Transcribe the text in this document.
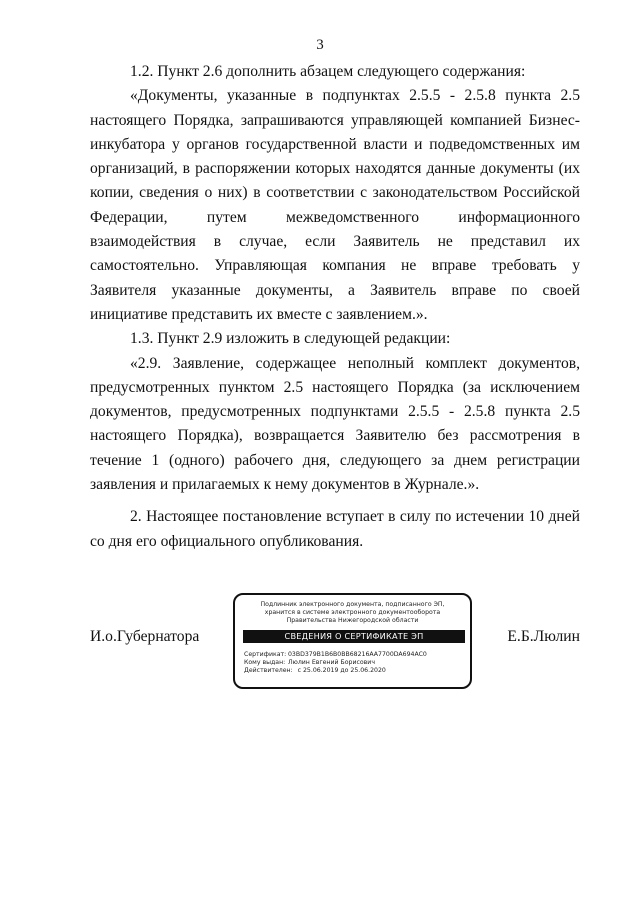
3

1.2. Пункт 2.6 дополнить абзацем следующего содержания:

«Документы, указанные в подпунктах 2.5.5 - 2.5.8 пункта 2.5 настоящего Порядка, запрашиваются управляющей компанией Бизнес-инкубатора у органов государственной власти и подведомственных им организаций, в распоряжении которых находятся данные документы (их копии, сведения о них) в соответствии с законодательством Российской Федерации, путем межведомственного информационного взаимодействия в случае, если Заявитель не представил их самостоятельно. Управляющая компания не вправе требовать у Заявителя указанные документы, а Заявитель вправе по своей инициативе представить их вместе с заявлением.».

1.3. Пункт 2.9 изложить в следующей редакции:

«2.9. Заявление, содержащее неполный комплект документов, предусмотренных пунктом 2.5 настоящего Порядка (за исключением документов, предусмотренных подпунктами 2.5.5 - 2.5.8 пункта 2.5 настоящего Порядка), возвращается Заявителю без рассмотрения в течение 1 (одного) рабочего дня, следующего за днем регистрации заявления и прилагаемых к нему документов в Журнале.».

2. Настоящее постановление вступает в силу по истечении 10 дней со дня его официального опубликования.

И.о.Губернатора
Подлинник электронного документа, подписанного ЭП,
хранится в системе электронного документооборота
Правительства Нижегородской области
СВЕДЕНИЯ О СЕРТИФИКАТЕ ЭП
Сертификат: 03BD379B1B6B0BB68216AA7700DA694AC0
Кому выдан: Люлин Евгений Борисович
Действителен: с 25.06.2019 до 25.06.2020
Е.Б.Люлин
